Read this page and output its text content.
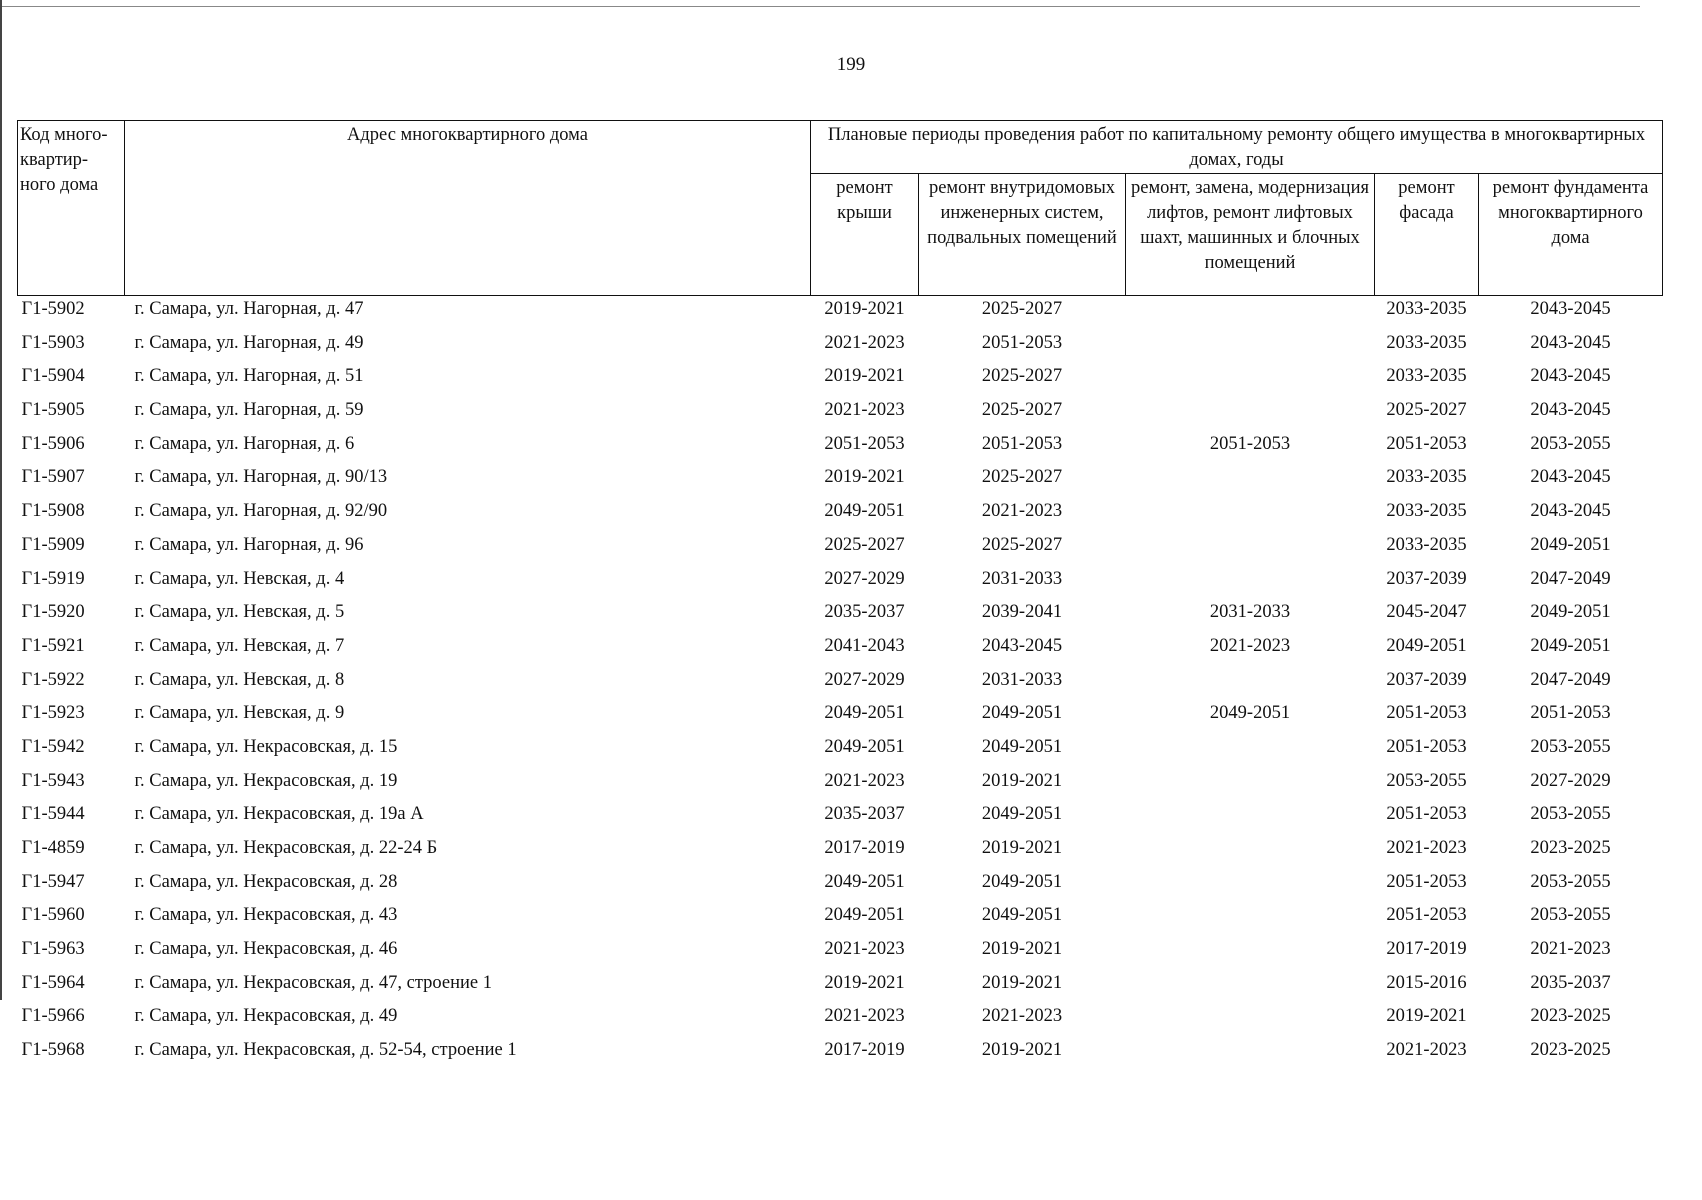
199
Код много-квартир-ного дома	Адрес многоквартирного дома	Плановые периоды проведения работ по капитальному ремонту общего имущества в многоквартирных домах, годы				
		ремонт крыши	ремонт внутридомовых инженерных систем, подвальных помещений	ремонт, замена, модернизация лифтов, ремонт лифтовых шахт, машинных и блочных помещений	ремонт фасада	ремонт фундамента многоквартирного дома
Г1-5902	г. Самара, ул. Нагорная, д. 47	2019-2021	2025-2027		2033-2035	2043-2045
Г1-5903	г. Самара, ул. Нагорная, д. 49	2021-2023	2051-2053		2033-2035	2043-2045
Г1-5904	г. Самара, ул. Нагорная, д. 51	2019-2021	2025-2027		2033-2035	2043-2045
Г1-5905	г. Самара, ул. Нагорная, д. 59	2021-2023	2025-2027		2025-2027	2043-2045
Г1-5906	г. Самара, ул. Нагорная, д. 6	2051-2053	2051-2053	2051-2053	2051-2053	2053-2055
Г1-5907	г. Самара, ул. Нагорная, д. 90/13	2019-2021	2025-2027		2033-2035	2043-2045
Г1-5908	г. Самара, ул. Нагорная, д. 92/90	2049-2051	2021-2023		2033-2035	2043-2045
Г1-5909	г. Самара, ул. Нагорная, д. 96	2025-2027	2025-2027		2033-2035	2049-2051
Г1-5919	г. Самара, ул. Невская, д. 4	2027-2029	2031-2033		2037-2039	2047-2049
Г1-5920	г. Самара, ул. Невская, д. 5	2035-2037	2039-2041	2031-2033	2045-2047	2049-2051
Г1-5921	г. Самара, ул. Невская, д. 7	2041-2043	2043-2045	2021-2023	2049-2051	2049-2051
Г1-5922	г. Самара, ул. Невская, д. 8	2027-2029	2031-2033		2037-2039	2047-2049
Г1-5923	г. Самара, ул. Невская, д. 9	2049-2051	2049-2051	2049-2051	2051-2053	2051-2053
Г1-5942	г. Самара, ул. Некрасовская, д. 15	2049-2051	2049-2051		2051-2053	2053-2055
Г1-5943	г. Самара, ул. Некрасовская, д. 19	2021-2023	2019-2021		2053-2055	2027-2029
Г1-5944	г. Самара, ул. Некрасовская, д. 19а А	2035-2037	2049-2051		2051-2053	2053-2055
Г1-4859	г. Самара, ул. Некрасовская, д. 22-24 Б	2017-2019	2019-2021		2021-2023	2023-2025
Г1-5947	г. Самара, ул. Некрасовская, д. 28	2049-2051	2049-2051		2051-2053	2053-2055
Г1-5960	г. Самара, ул. Некрасовская, д. 43	2049-2051	2049-2051		2051-2053	2053-2055
Г1-5963	г. Самара, ул. Некрасовская, д. 46	2021-2023	2019-2021		2017-2019	2021-2023
Г1-5964	г. Самара, ул. Некрасовская, д. 47, строение 1	2019-2021	2019-2021		2015-2016	2035-2037
Г1-5966	г. Самара, ул. Некрасовская, д. 49	2021-2023	2021-2023		2019-2021	2023-2025
Г1-5968	г. Самара, ул. Некрасовская, д. 52-54, строение 1	2017-2019	2019-2021		2021-2023	2023-2025
